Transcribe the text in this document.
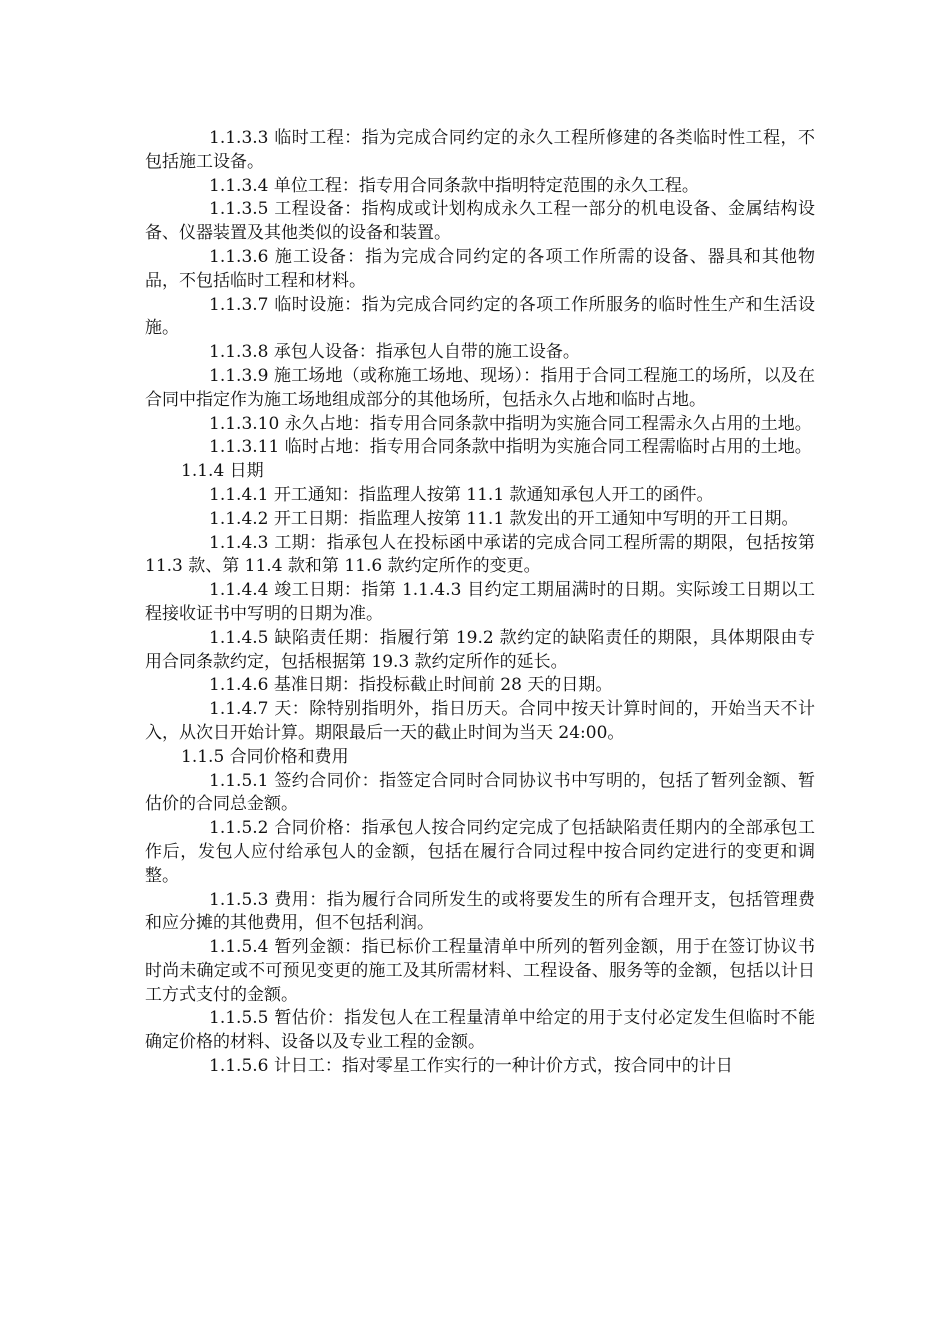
1.1.3.3 临时工程：指为完成合同约定的永久工程所修建的各类临时性工程，不包括施工设备。

1.1.3.4 单位工程：指专用合同条款中指明特定范围的永久工程。

1.1.3.5 工程设备：指构成或计划构成永久工程一部分的机电设备、金属结构设备、仪器装置及其他类似的设备和装置。

1.1.3.6 施工设备：指为完成合同约定的各项工作所需的设备、器具和其他物品，不包括临时工程和材料。

1.1.3.7 临时设施：指为完成合同约定的各项工作所服务的临时性生产和生活设施。

1.1.3.8 承包人设备：指承包人自带的施工设备。

1.1.3.9 施工场地（或称施工场地、现场）：指用于合同工程施工的场所，以及在合同中指定作为施工场地组成部分的其他场所，包括永久占地和临时占地。

1.1.3.10 永久占地：指专用合同条款中指明为实施合同工程需永久占用的土地。

1.1.3.11 临时占地：指专用合同条款中指明为实施合同工程需临时占用的土地。

1.1.4 日期

1.1.4.1 开工通知：指监理人按第 11.1 款通知承包人开工的函件。

1.1.4.2 开工日期：指监理人按第 11.1 款发出的开工通知中写明的开工日期。

1.1.4.3 工期：指承包人在投标函中承诺的完成合同工程所需的期限，包括按第 11.3 款、第 11.4 款和第 11.6 款约定所作的变更。

1.1.4.4 竣工日期：指第 1.1.4.3 目约定工期届满时的日期。实际竣工日期以工程接收证书中写明的日期为准。

1.1.4.5 缺陷责任期：指履行第 19.2 款约定的缺陷责任的期限，具体期限由专用合同条款约定，包括根据第 19.3 款约定所作的延长。

1.1.4.6 基准日期：指投标截止时间前 28 天的日期。

1.1.4.7 天：除特别指明外，指日历天。合同中按天计算时间的，开始当天不计入，从次日开始计算。期限最后一天的截止时间为当天 24:00。

1.1.5 合同价格和费用

1.1.5.1 签约合同价：指签定合同时合同协议书中写明的，包括了暂列金额、暂估价的合同总金额。

1.1.5.2 合同价格：指承包人按合同约定完成了包括缺陷责任期内的全部承包工作后，发包人应付给承包人的金额，包括在履行合同过程中按合同约定进行的变更和调整。

1.1.5.3 费用：指为履行合同所发生的或将要发生的所有合理开支，包括管理费和应分摊的其他费用，但不包括利润。

1.1.5.4 暂列金额：指已标价工程量清单中所列的暂列金额，用于在签订协议书时尚未确定或不可预见变更的施工及其所需材料、工程设备、服务等的金额，包括以计日工方式支付的金额。

1.1.5.5 暂估价：指发包人在工程量清单中给定的用于支付必定发生但临时不能确定价格的材料、设备以及专业工程的金额。

1.1.5.6 计日工：指对零星工作实行的一种计价方式，按合同中的计日
